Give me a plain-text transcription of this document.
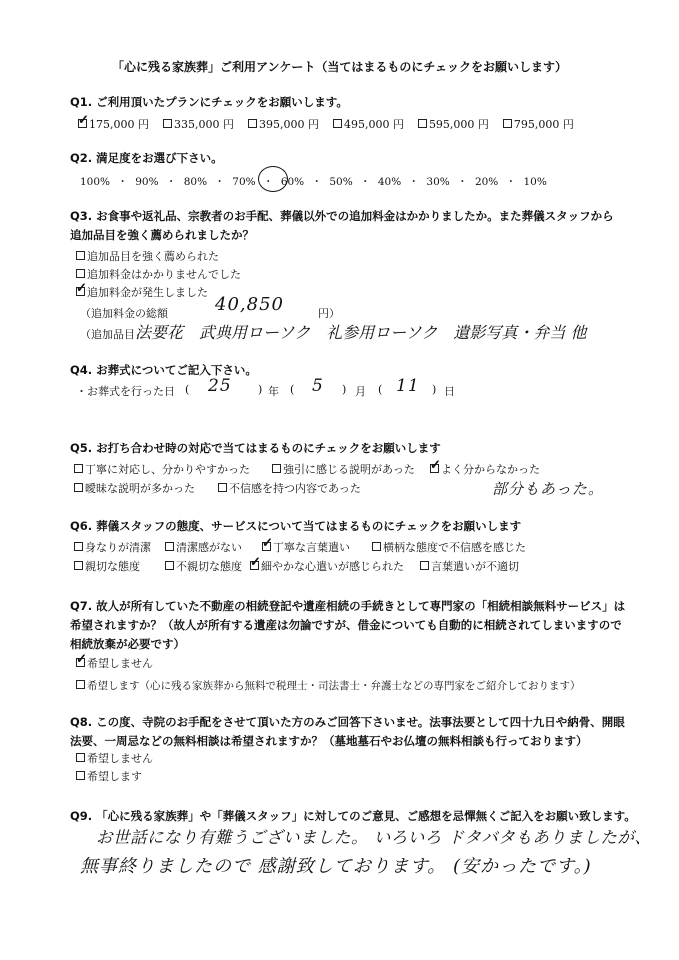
「心に残る家族葬」ご利用アンケート（当てはまるものにチェックをお願いします）
Q1. ご利用頂いたプランにチェックをお願いします。
✓175,000 円 335,000 円 395,000 円 495,000 円 595,000 円 795,000 円
Q2. 満足度をお選び下さい。
100% ・ 90% ・ 80% ・ 70% ・ 60% ・ 50% ・ 40% ・ 30% ・ 20% ・ 10%
Q3. お食事や返礼品、宗教者のお手配、葬儀以外での追加料金はかかりましたか。また葬儀スタッフから
追加品目を強く薦められましたか？
追加品目を強く薦められた
追加料金はかかりませんでした
✓追加料金が発生しました
（追加料金の総額	40,850	円）
（追加品目 法要花　武典用ローソク　礼参用ローソク　遺影写真・弁当 他
Q4. お葬式についてご記入下さい。
・お葬式を行った日 ( 25 ) 年 ( 5 ) 月 ( 11 ) 日
Q5. お打ち合わせ時の対応で当てはまるものにチェックをお願いします
丁寧に対応し、分かりやすかった	強引に感じる説明があった ✓	よく分からなかった
曖昧な説明が多かった	不信感を持つ内容であった	部分もあった。
Q6. 葬儀スタッフの態度、サービスについて当てはまるものにチェックをお願いします
身なりが清潔	清潔感がない ✓	丁寧な言葉遣い	横柄な態度で不信感を感じた
親切な態度	不親切な態度 ✓	細やかな心遣いが感じられた	言葉遣いが不適切
Q7. 故人が所有していた不動産の相続登記や遺産相続の手続きとして専門家の「相続相談無料サービス」は
希望されますか？（故人が所有する遺産は勿論ですが、借金についても自動的に相続されてしまいますので
相続放棄が必要です）
✓希望しません
希望します（心に残る家族葬から無料で税理士・司法書士・弁護士などの専門家をご紹介しております）
Q8. この度、寺院のお手配をさせて頂いた方のみご回答下さいませ。法事法要として四十九日や納骨、開眼
法要、一周忌などの無料相談は希望されますか？（墓地墓石やお仏壇の無料相談も行っております）
希望しません
希望します
Q9. 「心に残る家族葬」や「葬儀スタッフ」に対してのご意見、ご感想を忌憚無くご記入をお願い致します。
お世話になり有難うございました。 いろいろ ドタバタもありましたが、
無事終りましたので 感謝致しております。 (安かったです。)
